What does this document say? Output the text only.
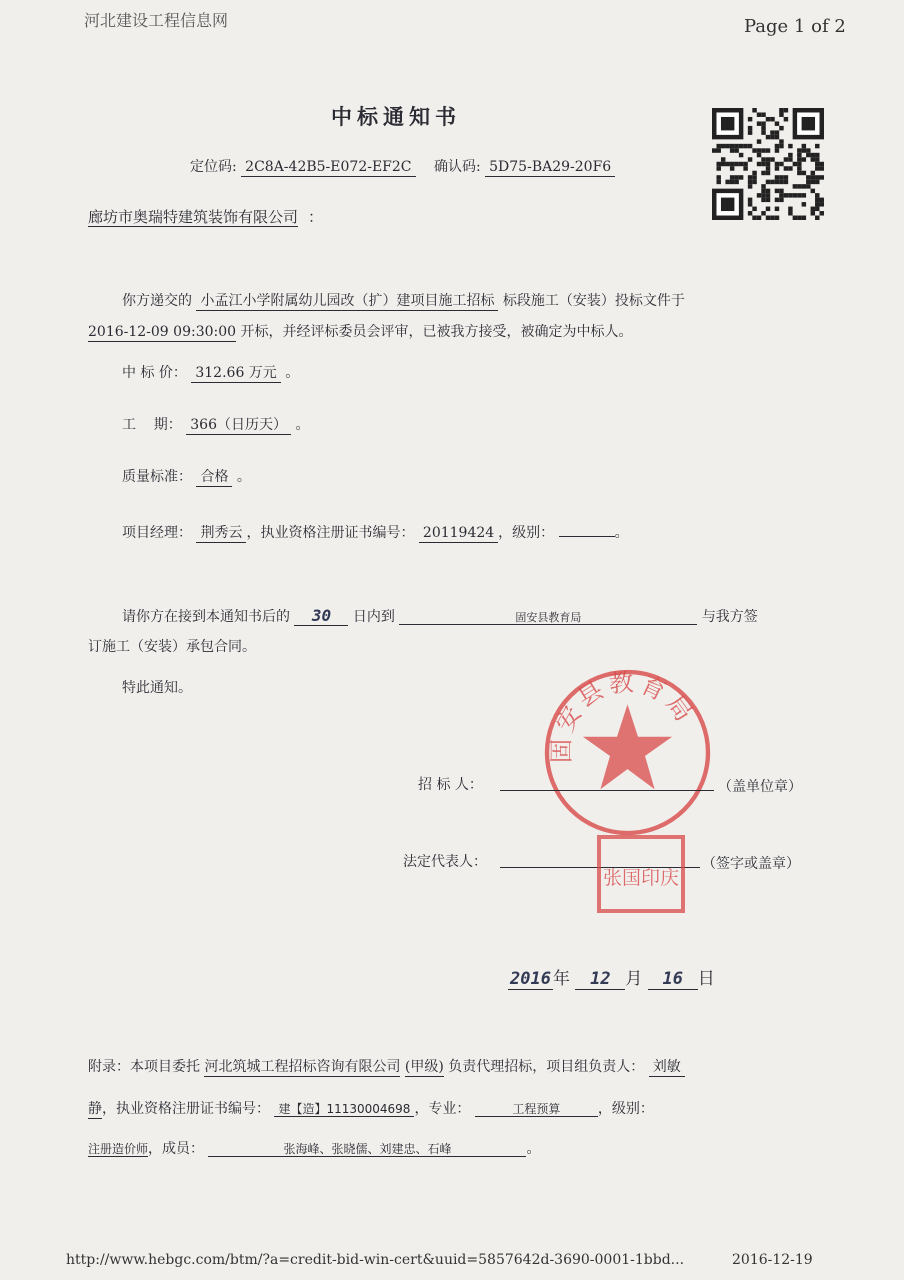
河北建设工程信息网	Page 1 of 2
中标通知书
定位码: 2C8A-42B5-E072-EF2C 确认码: 5D75-BA29-20F6
廊坊市奥瑞特建筑装饰有限公司 ：
你方递交的 小孟江小学附属幼儿园改（扩）建项目施工招标 标段施工（安装）投标文件于
2016-12-09 09:30:00 开标，并经评标委员会评审，已被我方接受，被确定为中标人。
中 标 价： 312.66 万元 。
工    期： 366（日历天） 。
质量标准： 合格 。
项目经理： 荆秀云 ，执业资格注册证书编号： 20119424 ，级别：	。
请你方在接到本通知书后的 30 日内到	固安县教育局	与我方签
订施工（安装）承包合同。
特此通知。
固安县教育局
招 标 人：	（盖单位章）
法定代表人：	（签字或盖章）
张国印庆
2016 年 12 月 16 日
附录：本项目委托 河北筑城工程招标咨询有限公司 (甲级) 负责代理招标，项目组负责人： 刘敏
静，执业资格注册证书编号： 建【造】11130004698 ，专业：	工程预算	，级别：
注册造价师，成员：	张海峰、张晓儒、刘建忠、石峰	。
http://www.hebgc.com/btm/?a=credit-bid-win-cert&uuid=5857642d-3690-0001-1bbd...	2016-12-19
